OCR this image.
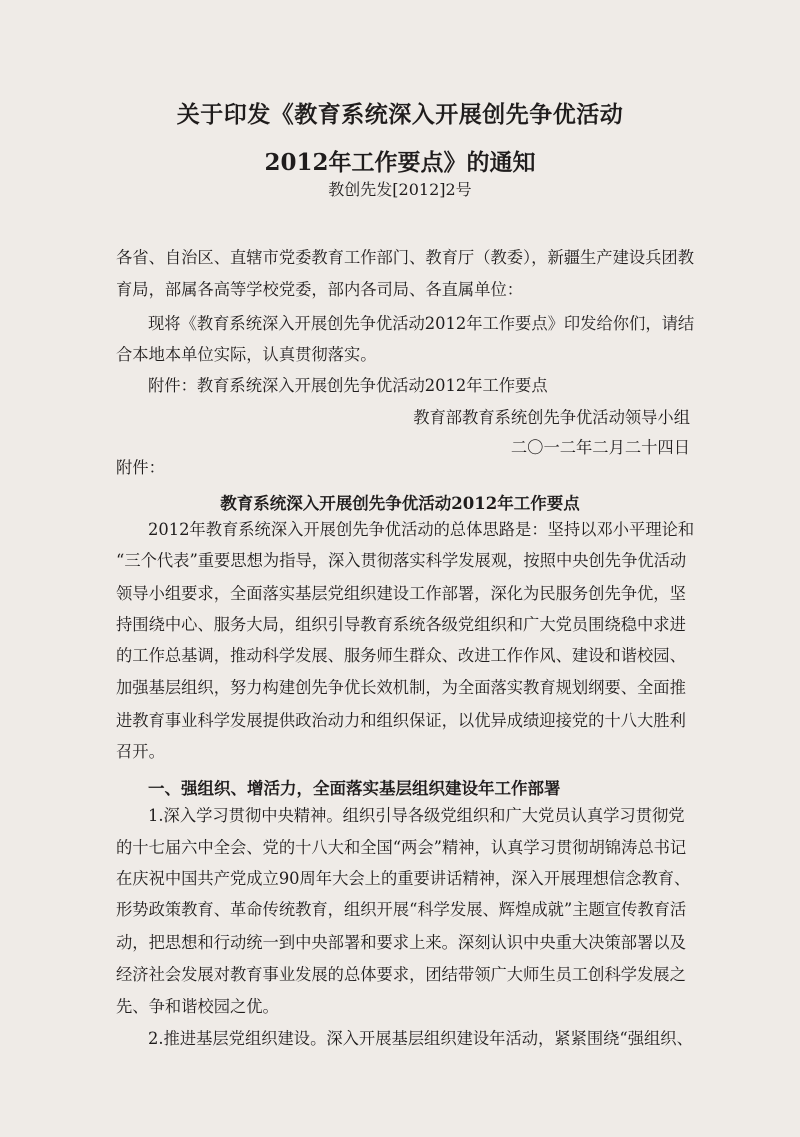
关于印发《教育系统深入开展创先争优活动
2012年工作要点》的通知
教创先发[2012]2号
各省、自治区、直辖市党委教育工作部门、教育厅（教委），新疆生产建设兵团教
育局，部属各高等学校党委，部内各司局、各直属单位：
现将《教育系统深入开展创先争优活动2012年工作要点》印发给你们，请结
合本地本单位实际，认真贯彻落实。
附件：教育系统深入开展创先争优活动2012年工作要点
教育部教育系统创先争优活动领导小组
二〇一二年二月二十四日
附件：
教育系统深入开展创先争优活动2012年工作要点
2012年教育系统深入开展创先争优活动的总体思路是：坚持以邓小平理论和
“三个代表”重要思想为指导，深入贯彻落实科学发展观，按照中央创先争优活动
领导小组要求，全面落实基层党组织建设工作部署，深化为民服务创先争优，坚
持围绕中心、服务大局，组织引导教育系统各级党组织和广大党员围绕稳中求进
的工作总基调，推动科学发展、服务师生群众、改进工作作风、建设和谐校园、
加强基层组织，努力构建创先争优长效机制，为全面落实教育规划纲要、全面推
进教育事业科学发展提供政治动力和组织保证，以优异成绩迎接党的十八大胜利
召开。
一、强组织、增活力，全面落实基层组织建设年工作部署
1.深入学习贯彻中央精神。组织引导各级党组织和广大党员认真学习贯彻党
的十七届六中全会、党的十八大和全国“两会”精神，认真学习贯彻胡锦涛总书记
在庆祝中国共产党成立90周年大会上的重要讲话精神，深入开展理想信念教育、
形势政策教育、革命传统教育，组织开展“科学发展、辉煌成就”主题宣传教育活
动，把思想和行动统一到中央部署和要求上来。深刻认识中央重大决策部署以及
经济社会发展对教育事业发展的总体要求，团结带领广大师生员工创科学发展之
先、争和谐校园之优。
2.推进基层党组织建设。深入开展基层组织建设年活动，紧紧围绕“强组织、
